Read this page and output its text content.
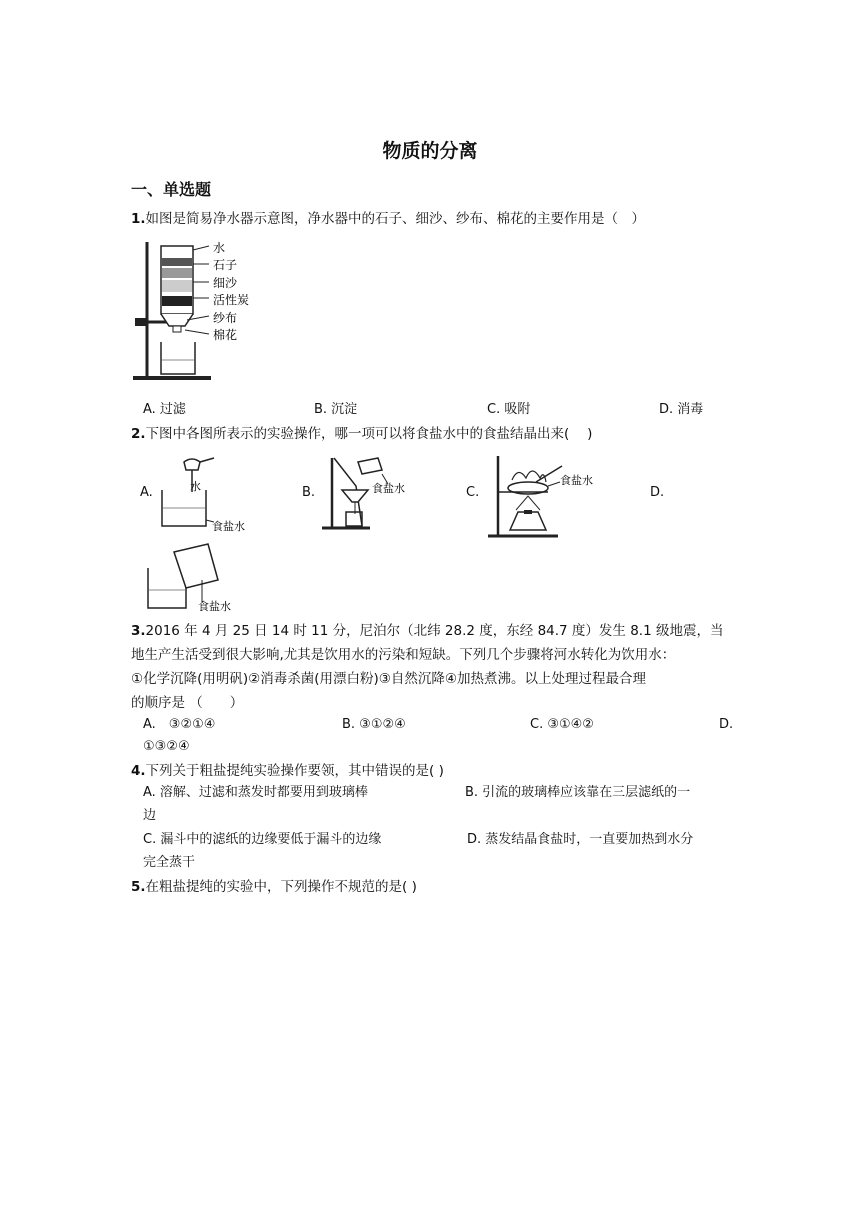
物质的分离
一、单选题
1.如图是简易净水器示意图，净水器中的石子、细沙、纱布、棉花的主要作用是（　）
水
石子
细沙
活性炭
纱布
棉花
A. 过滤	B. 沉淀	C. 吸附	D. 消毒
2.下图中各图所表示的实验操作，哪一项可以将食盐水中的食盐结晶出来(　 )
A.	B.	C.	D.
水
食盐水
食盐水
食盐水
食盐水
3.2016 年 4 月 25 日 14 时 11 分，尼泊尔（北纬 28.2 度，东经 84.7 度）发生 8.1 级地震，当
地生产生活受到很大影响,尤其是饮用水的污染和短缺。下列几个步骤将河水转化为饮用水：
①化学沉降(用明矾)②消毒杀菌(用漂白粉)③自然沉降④加热煮沸。以上处理过程最合理
的顺序是 （　　）
A.　③②①④	B. ③①②④	C. ③①④②	D.
①③②④
4.下列关于粗盐提纯实验操作要领，其中错误的是( )
A. 溶解、过滤和蒸发时都要用到玻璃棒	B. 引流的玻璃棒应该靠在三层滤纸的一
边
C. 漏斗中的滤纸的边缘要低于漏斗的边缘	D. 蒸发结晶食盐时，一直要加热到水分
完全蒸干
5.在粗盐提纯的实验中，下列操作不规范的是( )
